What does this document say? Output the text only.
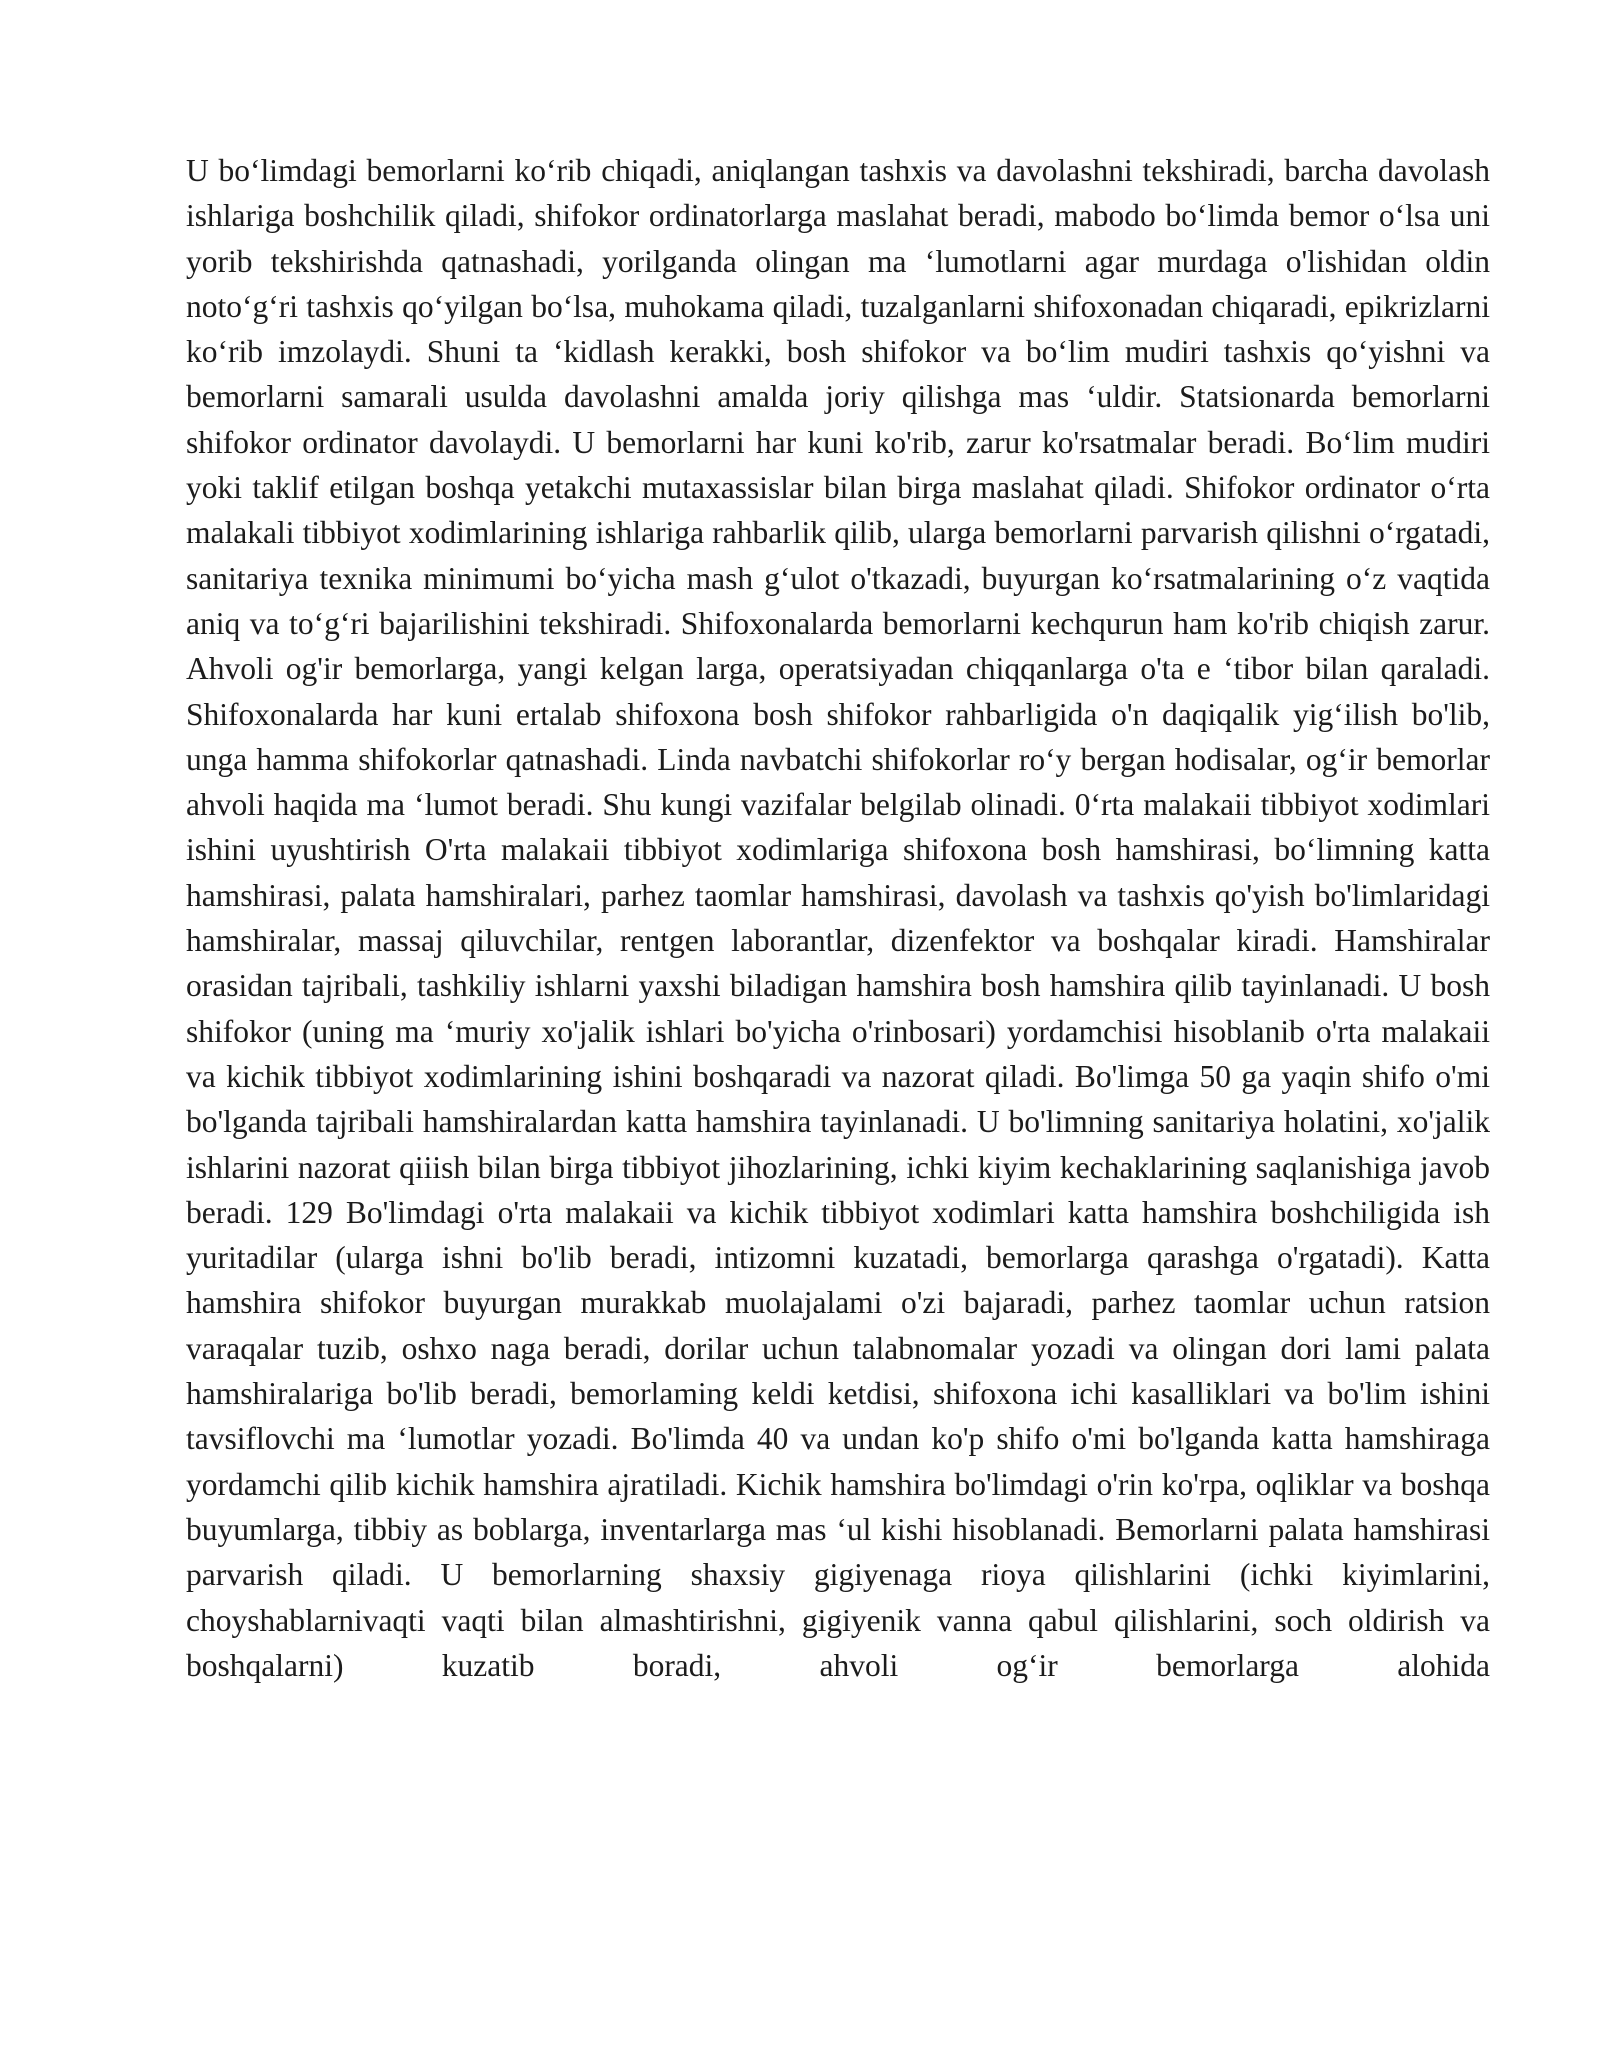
U bo‘limdagi bemorlarni ko‘rib chiqadi, aniqlangan tashxis va davolashni tekshiradi, barcha davolash ishlariga boshchilik qiladi, shifokor ordinatorlarga maslahat beradi, mabodo bo‘limda bemor o‘lsa uni yorib tekshirishda qatnashadi, yorilganda olingan ma ‘lumotlarni agar murdaga o'lishidan oldin noto‘g‘ri tashxis qo‘yilgan bo‘lsa, muhokama qiladi, tuzalganlarni shifoxonadan chiqaradi, epikrizlarni ko‘rib imzolaydi. Shuni ta ‘kidlash kerakki, bosh shifokor va bo‘lim mudiri tashxis qo‘yishni va bemorlarni samarali usulda davolashni amalda joriy qilishga mas ‘uldir. Statsionarda bemorlarni shifokor ordinator davolaydi. U bemorlarni har kuni ko'rib, zarur ko'rsatmalar beradi. Bo‘lim mudiri yoki taklif etilgan boshqa yetakchi mutaxassislar bilan birga maslahat qiladi. Shifokor ordinator o‘rta malakali tibbiyot xodimlarining ishlariga rahbarlik qilib, ularga bemorlarni parvarish qilishni o‘rgatadi, sanitariya texnika minimumi bo‘yicha mash g‘ulot o'tkazadi, buyurgan ko‘rsatmalarining o‘z vaqtida aniq va to‘g‘ri bajarilishini tekshiradi. Shifoxonalarda bemorlarni kechqurun ham ko'rib chiqish zarur. Ahvoli og'ir bemorlarga, yangi kelgan larga, operatsiyadan chiqqanlarga o'ta e ‘tibor bilan qaraladi. Shifoxonalarda har kuni ertalab shifoxona bosh shifokor rahbarligida o'n daqiqalik yig‘ilish bo'lib, unga hamma shifokorlar qatnashadi. Linda navbatchi shifokorlar ro‘y bergan hodisalar, og‘ir bemorlar ahvoli haqida ma ‘lumot beradi. Shu kungi vazifalar belgilab olinadi. 0‘rta malakaii tibbiyot xodimlari ishini uyushtirish O'rta malakaii tibbiyot xodimlariga shifoxona bosh hamshirasi, bo‘limning katta hamshirasi, palata hamshiralari, parhez taomlar hamshirasi, davolash va tashxis qo'yish bo'limlaridagi hamshiralar, massaj qiluvchilar, rentgen laborantlar, dizenfektor va boshqalar kiradi. Hamshiralar orasidan tajribali, tashkiliy ishlarni yaxshi biladigan hamshira bosh hamshira qilib tayinlanadi. U bosh shifokor (uning ma ‘muriy xo'jalik ishlari bo'yicha o'rinbosari) yordamchisi hisoblanib o'rta malakaii va kichik tibbiyot xodimlarining ishini boshqaradi va nazorat qiladi. Bo'limga 50 ga yaqin shifo o'mi bo'lganda tajribali hamshiralardan katta hamshira tayinlanadi. U bo'limning sanitariya holatini, xo'jalik ishlarini nazorat qiiish bilan birga tibbiyot jihozlarining, ichki kiyim kechaklarining saqlanishiga javob beradi. 129 Bo'limdagi o'rta malakaii va kichik tibbiyot xodimlari katta hamshira boshchiligida ish yuritadilar (ularga ishni bo'lib beradi, intizomni kuzatadi, bemorlarga qarashga o'rgatadi). Katta hamshira shifokor buyurgan murakkab muolajalami o'zi bajaradi, parhez taomlar uchun ratsion varaqalar tuzib, oshxo naga beradi, dorilar uchun talabnomalar yozadi va olingan dori lami palata hamshiralariga bo'lib beradi, bemorlaming keldi ketdisi, shifoxona ichi kasalliklari va bo'lim ishini tavsiflovchi ma ‘lumotlar yozadi. Bo'limda 40 va undan ko'p shifo o'mi bo'lganda katta hamshiraga yordamchi qilib kichik hamshira ajratiladi. Kichik hamshira bo'limdagi o'rin ko'rpa, oqliklar va boshqa buyumlarga, tibbiy as boblarga, inventarlarga mas ‘ul kishi hisoblanadi. Bemorlarni palata hamshirasi parvarish qiladi. U bemorlarning shaxsiy gigiyenaga rioya qilishlarini (ichki kiyimlarini, choyshablarnivaqti vaqti bilan almashtirishni, gigiyenik vanna qabul qilishlarini, soch oldirish va boshqalarni) kuzatib boradi, ahvoli og‘ir bemorlarga alohida
